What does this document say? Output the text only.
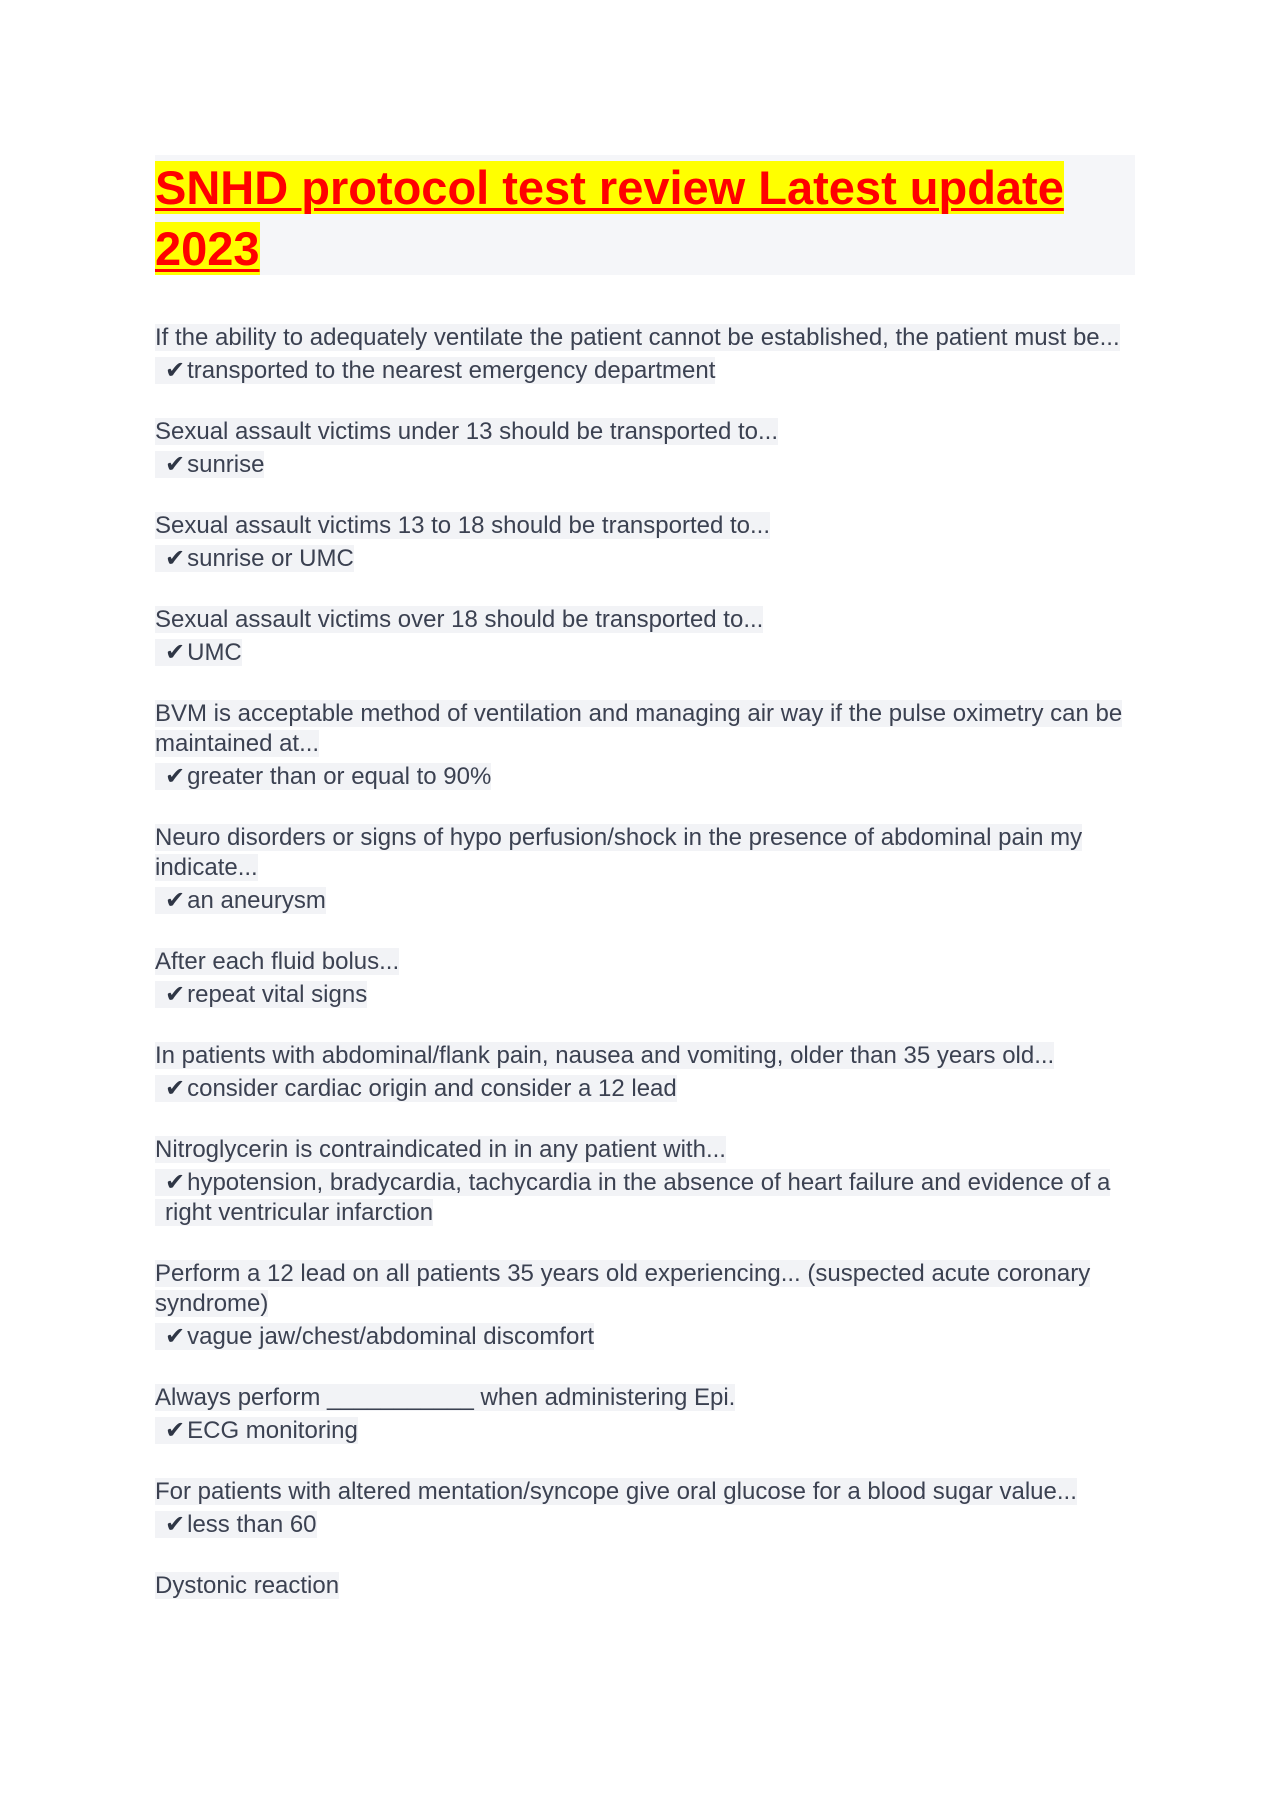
SNHD protocol test review Latest update 2023
If the ability to adequately ventilate the patient cannot be established, the patient must be...
✔transported to the nearest emergency department
Sexual assault victims under 13 should be transported to...
✔sunrise
Sexual assault victims 13 to 18 should be transported to...
✔sunrise or UMC
Sexual assault victims over 18 should be transported to...
✔UMC
BVM is acceptable method of ventilation and managing air way if the pulse oximetry can be maintained at...
✔greater than or equal to 90%
Neuro disorders or signs of hypo perfusion/shock in the presence of abdominal pain my indicate...
✔an aneurysm
After each fluid bolus...
✔repeat vital signs
In patients with abdominal/flank pain, nausea and vomiting, older than 35 years old...
✔consider cardiac origin and consider a 12 lead
Nitroglycerin is contraindicated in in any patient with...
✔hypotension, bradycardia, tachycardia in the absence of heart failure and evidence of a right ventricular infarction
Perform a 12 lead on all patients 35 years old experiencing... (suspected acute coronary syndrome)
✔vague jaw/chest/abdominal discomfort
Always perform ___________ when administering Epi.
✔ECG monitoring
For patients with altered mentation/syncope give oral glucose for a blood sugar value...
✔less than 60
Dystonic reaction
